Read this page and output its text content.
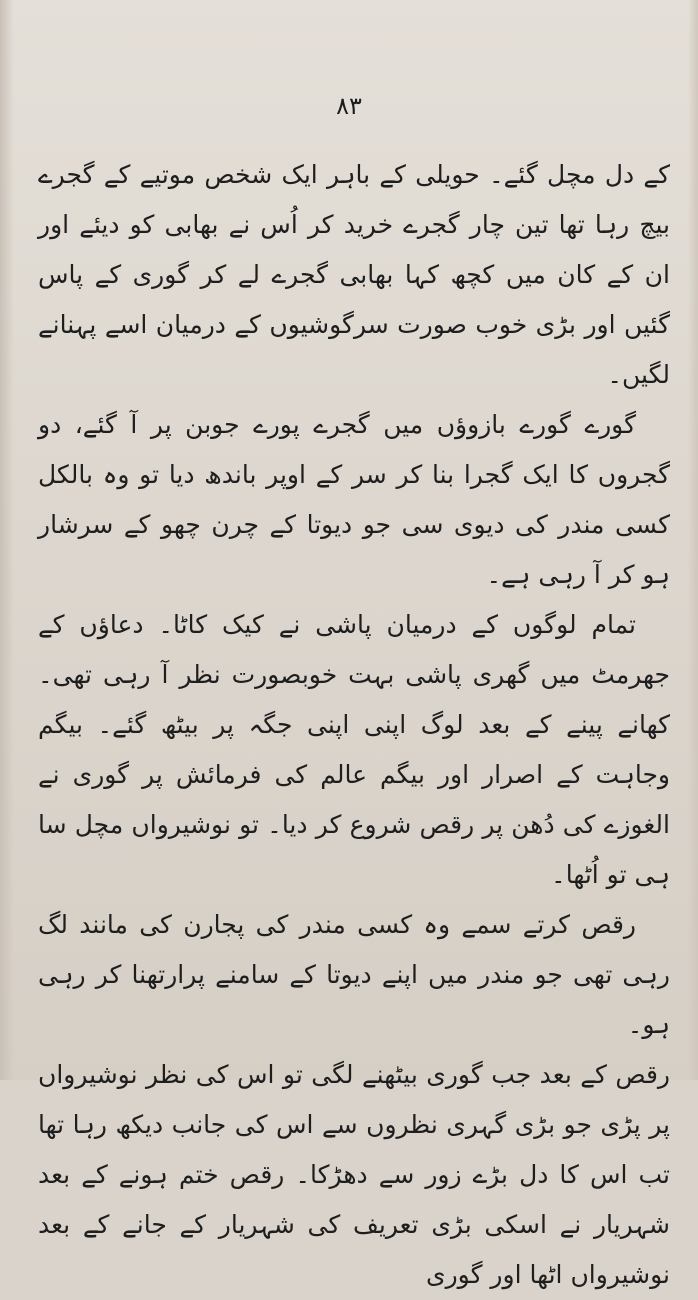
۸۳

کے دل مچل گئے۔ حویلی کے باہر ایک شخص موتیے کے گجرے بیچ رہا تھا تین چار گجرے خرید کر اُس نے بھابی کو دیئے اور ان کے کان میں کچھ کہا بھابی گجرے لے کر گوری کے پاس گئیں اور بڑی خوب صورت سرگوشیوں کے درمیان اسے پہنانے لگیں۔

گورے گورے بازوؤں میں گجرے پورے جوبن پر آ گئے، دو گجروں کا ایک گجرا بنا کر سر کے اوپر باندھ دیا تو وہ بالکل کسی مندر کی دیوی سی جو دیوتا کے چرن چھو کے سرشار ہو کر آ رہی ہے۔

تمام لوگوں کے درمیان پاشی نے کیک کاٹا۔ دعاؤں کے جھرمٹ میں گھری پاشی بہت خوبصورت نظر آ رہی تھی۔ کھانے پینے کے بعد لوگ اپنی اپنی جگہ پر بیٹھ گئے۔ بیگم وجاہت کے اصرار اور بیگم عالم کی فرمائش پر گوری نے الغوزے کی دُھن پر رقص شروع کر دیا۔ تو نوشیرواں مچل سا ہی تو اُٹھا۔

رقص کرتے سمے وہ کسی مندر کی پجارن کی مانند لگ رہی تھی جو مندر میں اپنے دیوتا کے سامنے پرارتھنا کر رہی ہو۔

رقص کے بعد جب گوری بیٹھنے لگی تو اس کی نظر نوشیرواں پر پڑی جو بڑی گہری نظروں سے اس کی جانب دیکھ رہا تھا تب اس کا دل بڑے زور سے دھڑکا۔ رقص ختم ہونے کے بعد شہریار نے اسکی بڑی تعریف کی شہریار کے جانے کے بعد نوشیرواں اٹھا اور گوری
